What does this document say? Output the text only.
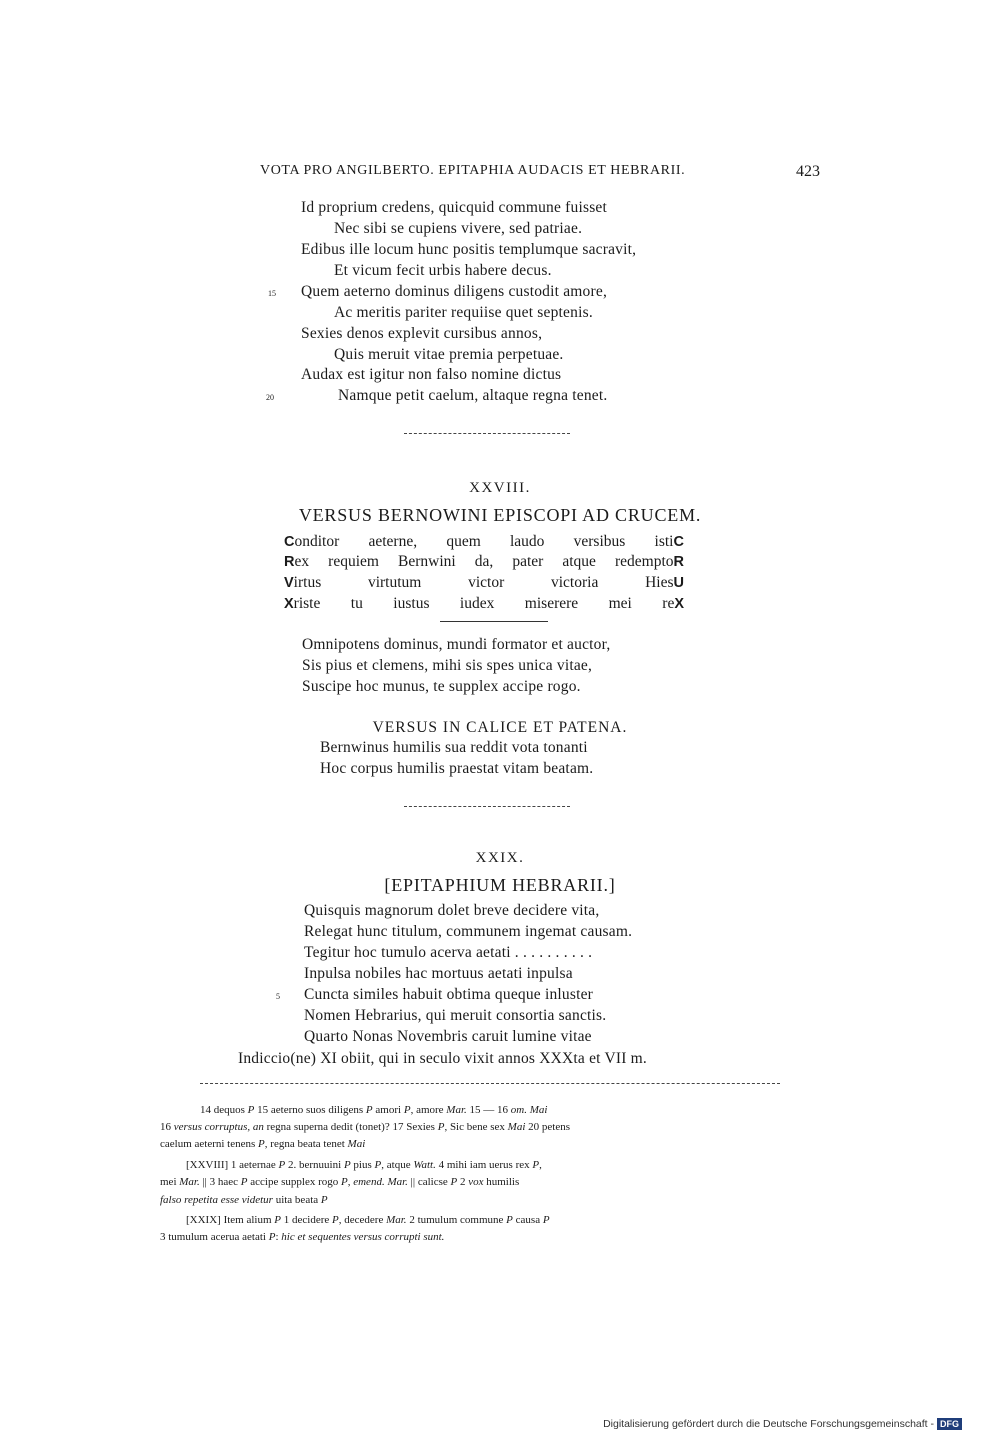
VOTA PRO ANGILBERTO. EPITAPHIA AUDACIS ET HEBRARII.	423
Id proprium credens, quicquid commune fuisset
Nec sibi se cupiens vivere, sed patriae.
Edibus ille locum hunc positis templumque sacravit,
Et vicum fecit urbis habere decus.
15 Quem aeterno dominus diligens custodit amore,
Ac meritis pariter requiise quet septenis.
Sexies denos explevit cursibus annos,
Quis meruit vitae premia perpetuae.
Audax est igitur non falso nomine dictus
20	Namque petit caelum, altaque regna tenet.
XXVIII.
VERSUS BERNOWINI EPISCOPI AD CRUCEM.
Conditor aeterne, quem laudo versibus istiC
Rex requiem Bernwini da, pater atque redemptoR
Virtus	virtutum	victor	victoria	HiesU
Xriste tu iustus iudex miserere mei reX
Omnipotens dominus, mundi formator et auctor,
Sis pius et clemens, mihi sis spes unica vitae,
Suscipe hoc munus, te supplex accipe rogo.
VERSUS IN CALICE ET PATENA.
Bernwinus humilis sua reddit vota tonanti
Hoc corpus humilis praestat vitam beatam.
XXIX.
[EPITAPHIUM HEBRARII.]
Quisquis magnorum dolet breve decidere vita,
Relegat hunc titulum, communem ingemat causam.
Tegitur hoc tumulo acerva aetati . . . . . . . . . .
Inpulsa nobiles hac mortuus aetati inpulsa
5 Cuncta similes habuit obtima queque inluster
Nomen Hebrarius, qui meruit consortia sanctis.
Quarto Nonas Novembris caruit lumine vitae
Indiccio(ne) XI obiit, qui in seculo vixit annos XXXta et VII m.
14 dequos P 15 aeterno suos diligens P amori P, amore Mar. 15 — 16 om. Mai
16 versus corruptus, an regna superna dedit (tonet)? 17 Sexies P, Sic bene sex Mai 20 petens
caelum aeterni tenens P, regna beata tenet Mai
[XXVIII] 1 aeternae P 2. bernuuini P pius P, atque Watt. 4 mihi iam uerus rex P,
mei Mar. || 3 haec P accipe supplex rogo P, emend. Mar. || calicse P 2 vox humilis
falso repetita esse videtur uita beata P
[XXIX] Item alium P 1 decidere P, decedere Mar. 2 tumulum commune P causa P
3 tumulum acerua aetati P: hic et sequentes versus corrupti sunt.
Digitalisierung gefördert durch die Deutsche Forschungsgemeinschaft - DFG
